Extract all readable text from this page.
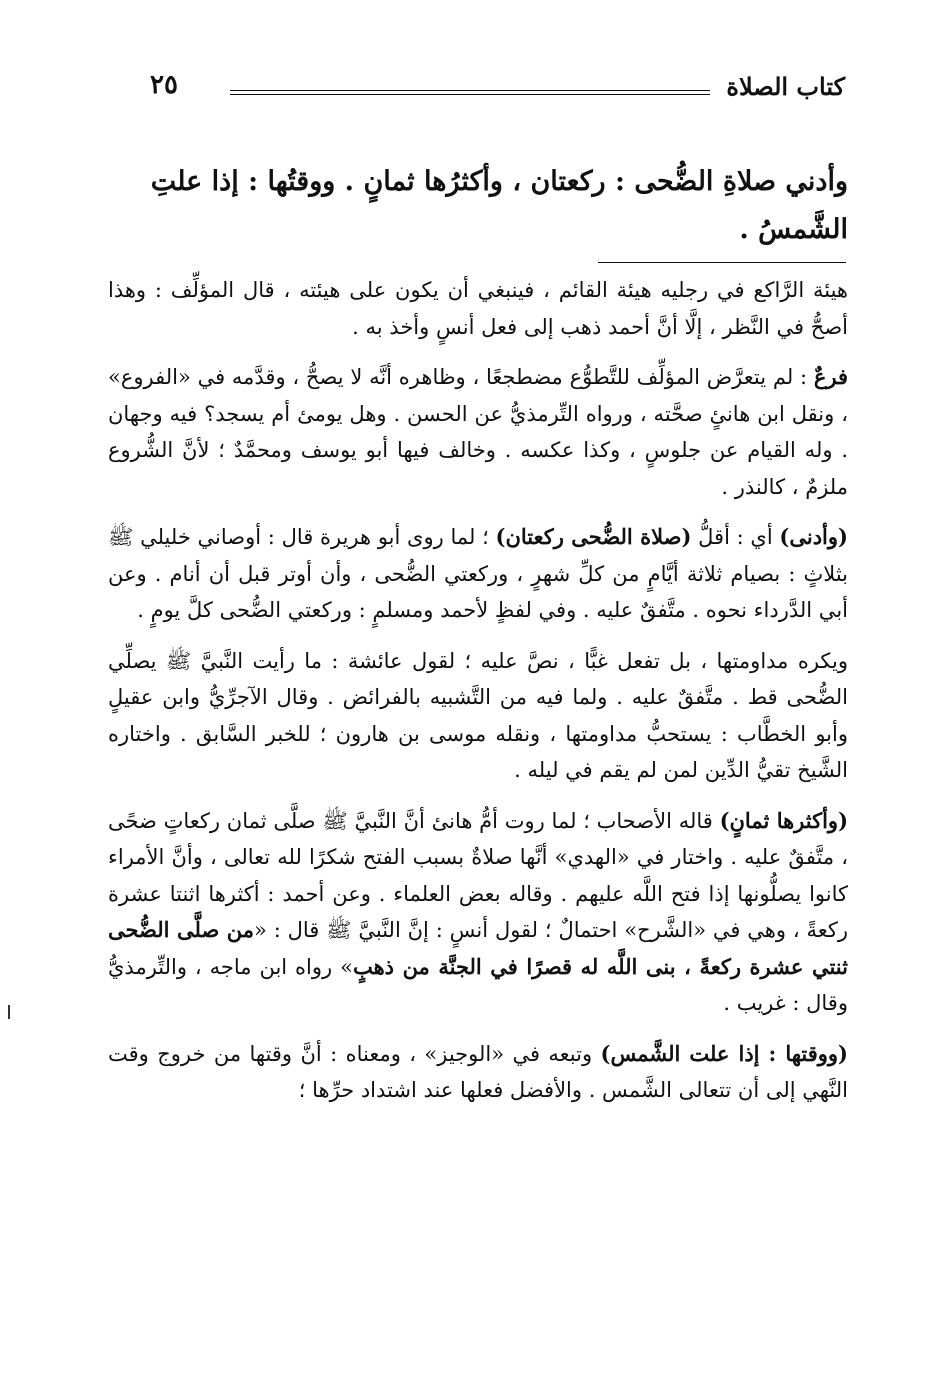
٢٥	كتاب الصلاة
وأدني صلاةِ الضُّحى : ركعتان ، وأكثرُها ثمانٍ . ووقتُها : إذا علتِ الشَّمسُ .

هيئة الرَّاكع في رجليه هيئة القائم ، فينبغي أن يكون على هيئته ، قال المؤلِّف : وهذا أصحُّ في النَّظر ، إلَّا أنَّ أحمد ذهب إلى فعل أنسٍ وأخذ به .

فرعٌ : لم يتعرَّض المؤلِّف للتَّطوُّع مضطجعًا ، وظاهره أنَّه لا يصحُّ ، وقدَّمه في «الفروع» ، ونقل ابن هانئٍ صحَّته ، ورواه التِّرمذيُّ عن الحسن . وهل يومئ أم يسجد؟ فيه وجهان . وله القيام عن جلوسٍ ، وكذا عكسه . وخالف فيها أبو يوسف ومحمَّدٌ ؛ لأنَّ الشُّروع ملزمٌ ، كالنذر .

(وأدنى) أي : أقلُّ (صلاة الضُّحى ركعتان) ؛ لما روى أبو هريرة قال : أوصاني خليلي ﷺ بثلاثٍ : بصيام ثلاثة أيَّامٍ من كلِّ شهرٍ ، وركعتي الضُّحى ، وأن أوتر قبل أن أنام . وعن أبي الدَّرداء نحوه . متَّفقٌ عليه . وفي لفظٍ لأحمد ومسلمٍ : وركعتي الضُّحى كلَّ يومٍ .

ويكره مداومتها ، بل تفعل غبًّا ، نصَّ عليه ؛ لقول عائشة : ما رأيت النَّبيَّ ﷺ يصلِّي الضُّحى قط . متَّفقٌ عليه . ولما فيه من التَّشبيه بالفرائض . وقال الآجرِّيُّ وابن عقيلٍ وأبو الخطَّاب : يستحبُّ مداومتها ، ونقله موسى بن هارون ؛ للخبر السَّابق . واختاره الشَّيخ تقيُّ الدِّين لمن لم يقم في ليله .

(وأكثرها ثمانٍ) قاله الأصحاب ؛ لما روت أمُّ هانئ أنَّ النَّبيَّ ﷺ صلَّى ثمان ركعاتٍ ضحًى ، متَّفقٌ عليه . واختار في «الهدي» أنَّها صلاةٌ بسبب الفتح شكرًا لله تعالى ، وأنَّ الأمراء كانوا يصلُّونها إذا فتح اللَّه عليهم . وقاله بعض العلماء . وعن أحمد : أكثرها اثنتا عشرة ركعةً ، وهي في «الشَّرح» احتمالٌ ؛ لقول أنسٍ : إنَّ النَّبيَّ ﷺ قال : «من صلَّى الضُّحى ثنتي عشرة ركعةً ، بنى اللَّه له قصرًا في الجنَّة من ذهبٍ» رواه ابن ماجه ، والتِّرمذيُّ وقال : غريب .

(ووقتها : إذا علت الشَّمس) وتبعه في «الوجيز» ، ومعناه : أنَّ وقتها من خروج وقت النَّهي إلى أن تتعالى الشَّمس . والأفضل فعلها عند اشتداد حرِّها ؛
